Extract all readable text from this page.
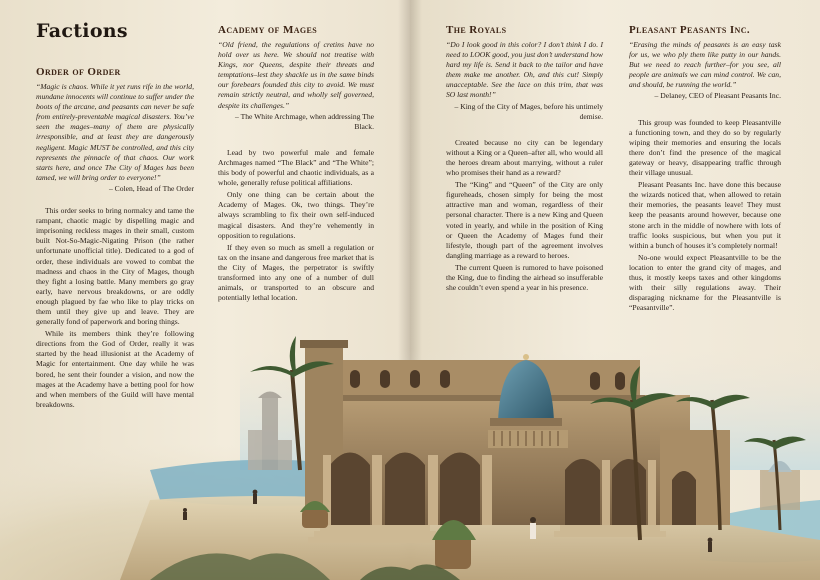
Factions
Order of Order

“Magic is chaos. While it yet runs rife in the world, mundane innocents will continue to suffer under the boots of the arcane, and peasants can never be safe from entirely-preventable magical disasters. You’ve seen the mages–many of them are physically irresponsible, and at least they are dangerously negligent. Magic MUST be controlled, and this city represents the pinnacle of that chaos. Our work starts here, and once The City of Mages has been tamed, we will bring order to everyone!”

– Colen, Head of The Order

This order seeks to bring normalcy and tame the rampant, chaotic magic by dispelling magic and imprisoning reckless mages in their small, custom built Not-So-Magic-Nigating Prison (the rather unfortunate unofficial title). Dedicated to a god of order, these individuals are vowed to combat the madness and chaos in the City of Mages, though they fight a losing battle. Many members go gray early, have nervous breakdowns, or are oddly enough plagued by fae who like to play tricks on them until they give up and leave. They are generally fond of paperwork and boring things.

While its members think they’re following directions from the God of Order, really it was started by the head illusionist at the Academy of Magic for entertainment. One day while he was bored, he sent their founder a vision, and now the mages at the Academy have a betting pool for how and when members of the Guild will have mental breakdowns.

Academy of Mages

“Old friend, the regulations of cretins have no hold over us here. We should not treatise with Kings, nor Queens, despite their threats and temptations–lest they shackle us in the same binds our forebears founded this city to avoid. We must remain strictly neutral, and wholly self governed, despite its challenges.”

– The White Archmage, when addressing The Black.

Lead by two powerful male and female Archmages named “The Black” and “The White”; this body of powerful and chaotic individuals, as a whole, generally refuse political affiliations.

Only one thing can be certain about the Academy of Mages. Ok, two things. They’re always scrambling to fix their own self-induced magical disasters. And they’re vehemently in opposition to regulations.

If they even so much as smell a regulation or tax on the insane and dangerous free market that is the City of Mages, the perpetrator is swiftly transformed into any one of a number of dull animals, or transported to an obscure and potentially lethal location.

The Royals

“Do I look good in this color? I don’t think I do. I need to LOOK good, you just don’t understand how hard my life is. Send it back to the tailor and have them make me another. Oh, and this cut! Simply unacceptable. See the lace on this trim, that was SO last month!”

– King of the City of Mages, before his untimely demise.

Created because no city can be legendary without a King or a Queen–after all, who would all the heroes dream about marrying, without a ruler who promises their hand as a reward?

The “King” and “Queen” of the City are only figureheads, chosen simply for being the most attractive man and woman, regardless of their personal character. There is a new King and Queen voted in yearly, and while in the position of King or Queen the Academy of Mages fund their lifestyle, though part of the agreement involves dangling marriage as a reward to heroes.

The current Queen is rumored to have poisoned the King, due to finding the airhead so insufferable she couldn’t even spend a year in his presence.

Pleasant Peasants Inc.

“Erasing the minds of peasants is an easy task for us, we who ply them like putty in our hands. But we need to reach further–for you see, all people are animals we can mind control. We can, and should, be running the world.”

– Delaney, CEO of Pleasant Peasants Inc.

This group was founded to keep Pleasantville a functioning town, and they do so by regularly wiping their memories and ensuring the locals there don’t find the presence of the magical gateway or heavy, disappearing traffic through their village unusual.

Pleasant Peasants Inc. have done this because the wizards noticed that, when allowed to retain their memories, the peasants leave! They must keep the peasants around however, because one stone arch in the middle of nowhere with lots of traffic looks suspicious, but when you put it within a bunch of houses it’s completely normal!

No-one would expect Pleasantville to be the location to enter the grand city of mages, and thus, it mostly keeps taxes and other kingdoms with their silly regulations away. Their disparaging nickname for the Pleasantville is “Peasantville”.
